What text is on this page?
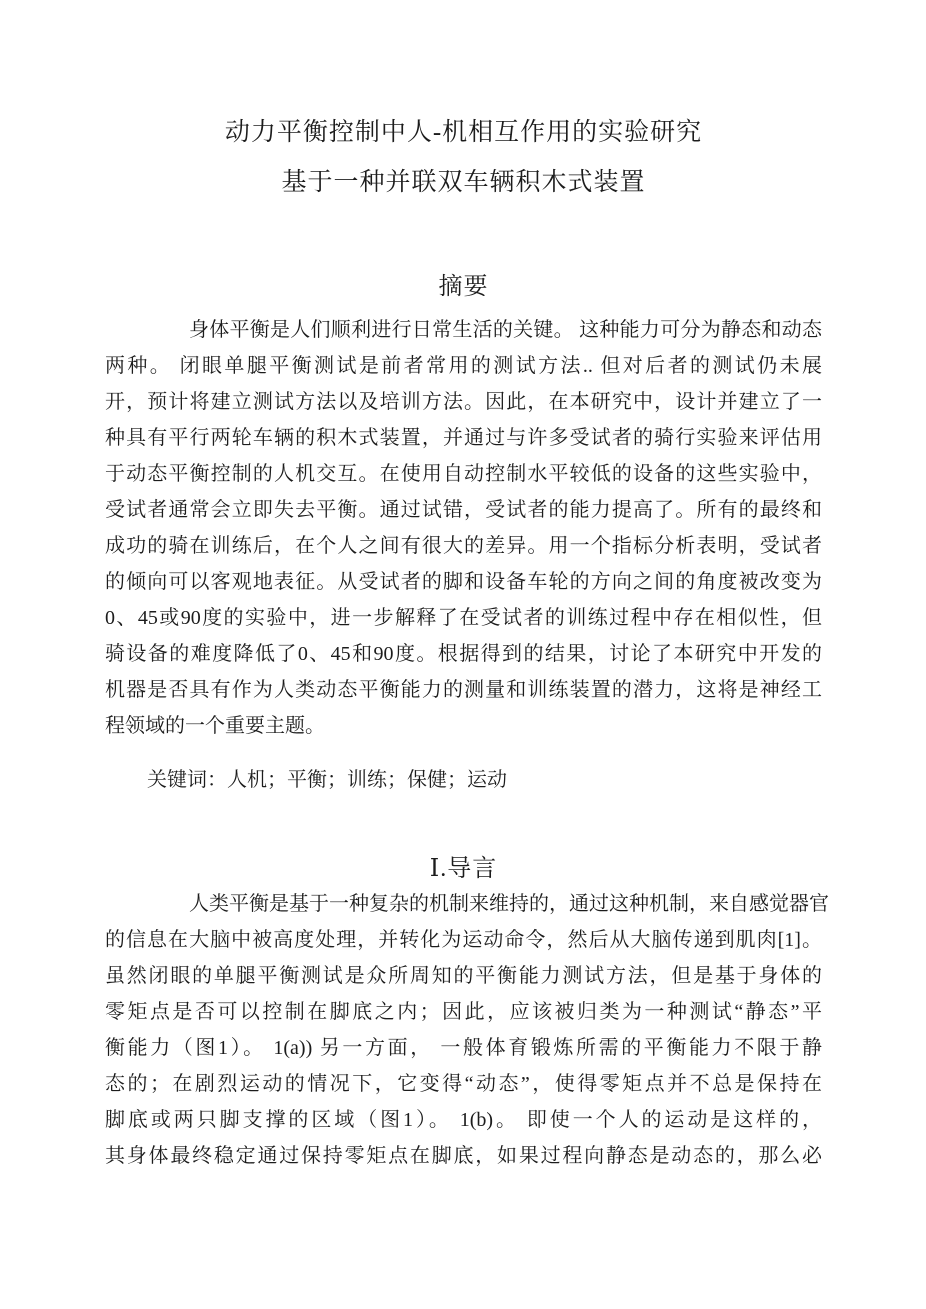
动力平衡控制中人-机相互作用的实验研究
基于一种并联双车辆积木式装置
摘要
身体平衡是人们顺利进行日常生活的关键。 这种能力可分为静态和动态
两种。 闭眼单腿平衡测试是前者常用的测试方法.. 但对后者的测试仍未展
开，预计将建立测试方法以及培训方法。因此，在本研究中，设计并建立了一
种具有平行两轮车辆的积木式装置，并通过与许多受试者的骑行实验来评估用
于动态平衡控制的人机交互。在使用自动控制水平较低的设备的这些实验中，
受试者通常会立即失去平衡。通过试错，受试者的能力提高了。所有的最终和
成功的骑在训练后，在个人之间有很大的差异。用一个指标分析表明，受试者
的倾向可以客观地表征。从受试者的脚和设备车轮的方向之间的角度被改变为
0、45或90度的实验中，进一步解释了在受试者的训练过程中存在相似性，但
骑设备的难度降低了0、45和90度。根据得到的结果，讨论了本研究中开发的
机器是否具有作为人类动态平衡能力的测量和训练装置的潜力，这将是神经工
程领域的一个重要主题。
关键词：人机；平衡；训练；保健；运动
Ⅰ.导言
人类平衡是基于一种复杂的机制来维持的，通过这种机制，来自感觉器官
的信息在大脑中被高度处理，并转化为运动命令，然后从大脑传递到肌肉[1]。
虽然闭眼的单腿平衡测试是众所周知的平衡能力测试方法，但是基于身体的
零矩点是否可以控制在脚底之内；因此，应该被归类为一种测试“静态”平
衡能力（图1）。 1(a)) 另一方面， 一般体育锻炼所需的平衡能力不限于静
态的；在剧烈运动的情况下，它变得“动态”，使得零矩点并不总是保持在
脚底或两只脚支撑的区域（图1）。 1(b)。 即使一个人的运动是这样的，
其身体最终稳定通过保持零矩点在脚底，如果过程向静态是动态的，那么必
